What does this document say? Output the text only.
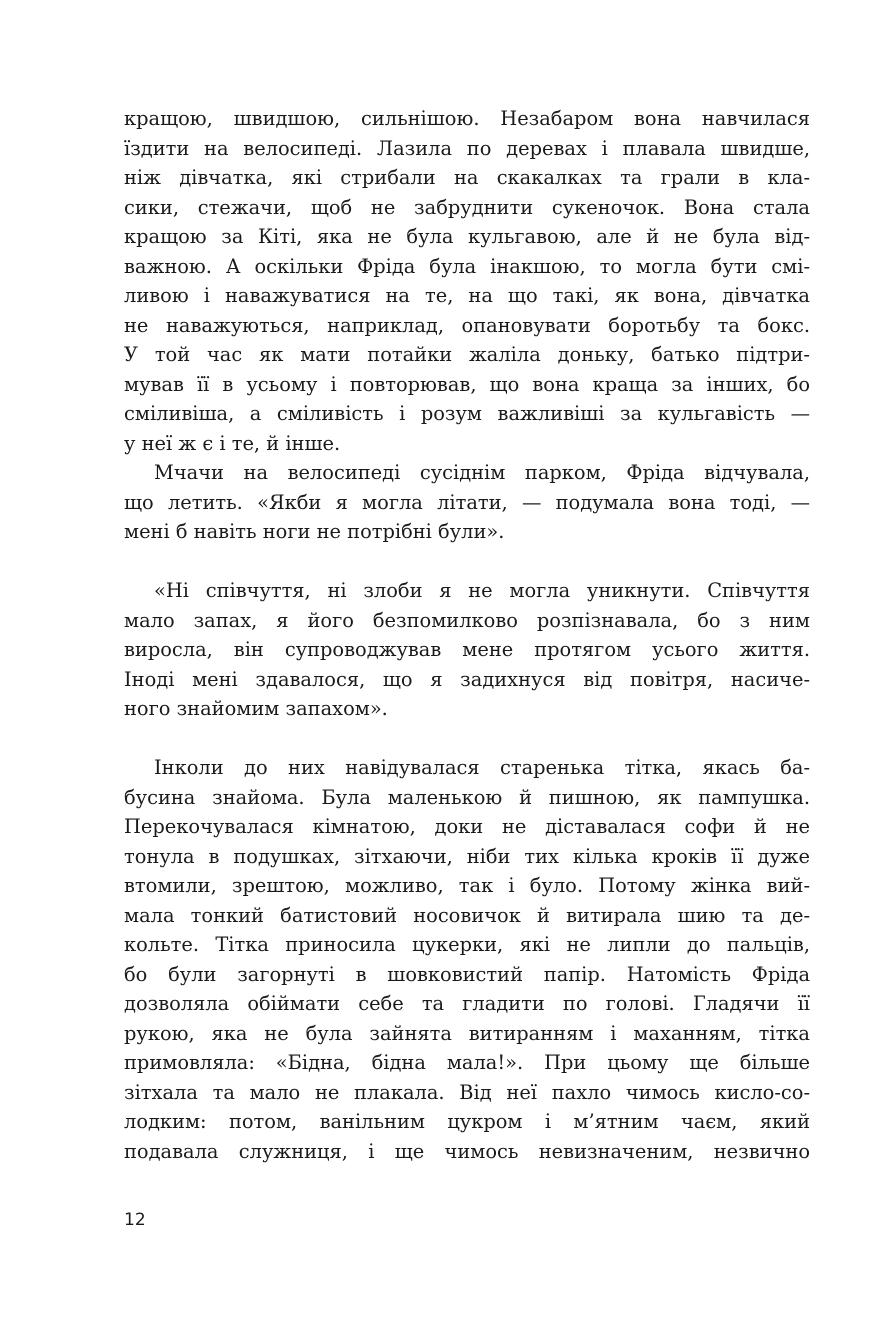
кращою, швидшою, сильнішою. Незабаром вона навчилася
їздити на велосипеді. Лазила по деревах і плавала швидше,
ніж дівчатка, які стрибали на скакалках та грали в кла-
сики, стежачи, щоб не забруднити сукеночок. Вона стала
кращою за Кіті, яка не була кульгавою, але й не була від-
важною. А оскільки Фріда була інакшою, то могла бути смі-
ливою і наважуватися на те, на що такі, як вона, дівчатка
не наважуються, наприклад, опановувати боротьбу та бокс.
У той час як мати потайки жаліла доньку, батько підтри-
мував її в усьому і повторював, що вона краща за інших, бо
сміливіша, а сміливість і розум важливіші за кульгавість —
у неї ж є і те, й інше.
Мчачи на велосипеді сусіднім парком, Фріда відчувала,
що летить. «Якби я могла літати, — подумала вона тоді, —
мені б навіть ноги не потрібні були».
«Ні співчуття, ні злоби я не могла уникнути. Співчуття
мало запах, я його безпомилково розпізнавала, бо з ним
виросла, він супроводжував мене протягом усього життя.
Іноді мені здавалося, що я задихнуся від повітря, насиче-
ного знайомим запахом».
Інколи до них навідувалася старенька тітка, якась ба-
бусина знайома. Була маленькою й пишною, як пампушка.
Перекочувалася кімнатою, доки не діставалася софи й не
тонула в подушках, зітхаючи, ніби тих кілька кроків її дуже
втомили, зрештою, можливо, так і було. Потому жінка вий-
мала тонкий батистовий носовичок й витирала шию та де-
кольте. Тітка приносила цукерки, які не липли до пальців,
бо були загорнуті в шовковистий папір. Натомість Фріда
дозволяла обіймати себе та гладити по голові. Гладячи її
рукою, яка не була зайнята витиранням і маханням, тітка
примовляла: «Бідна, бідна мала!». При цьому ще більше
зітхала та мало не плакала. Від неї пахло чимось кисло-со-
лодким: потом, ванільним цукром і м’ятним чаєм, який
подавала служниця, і ще чимось невизначеним, незвично
12
